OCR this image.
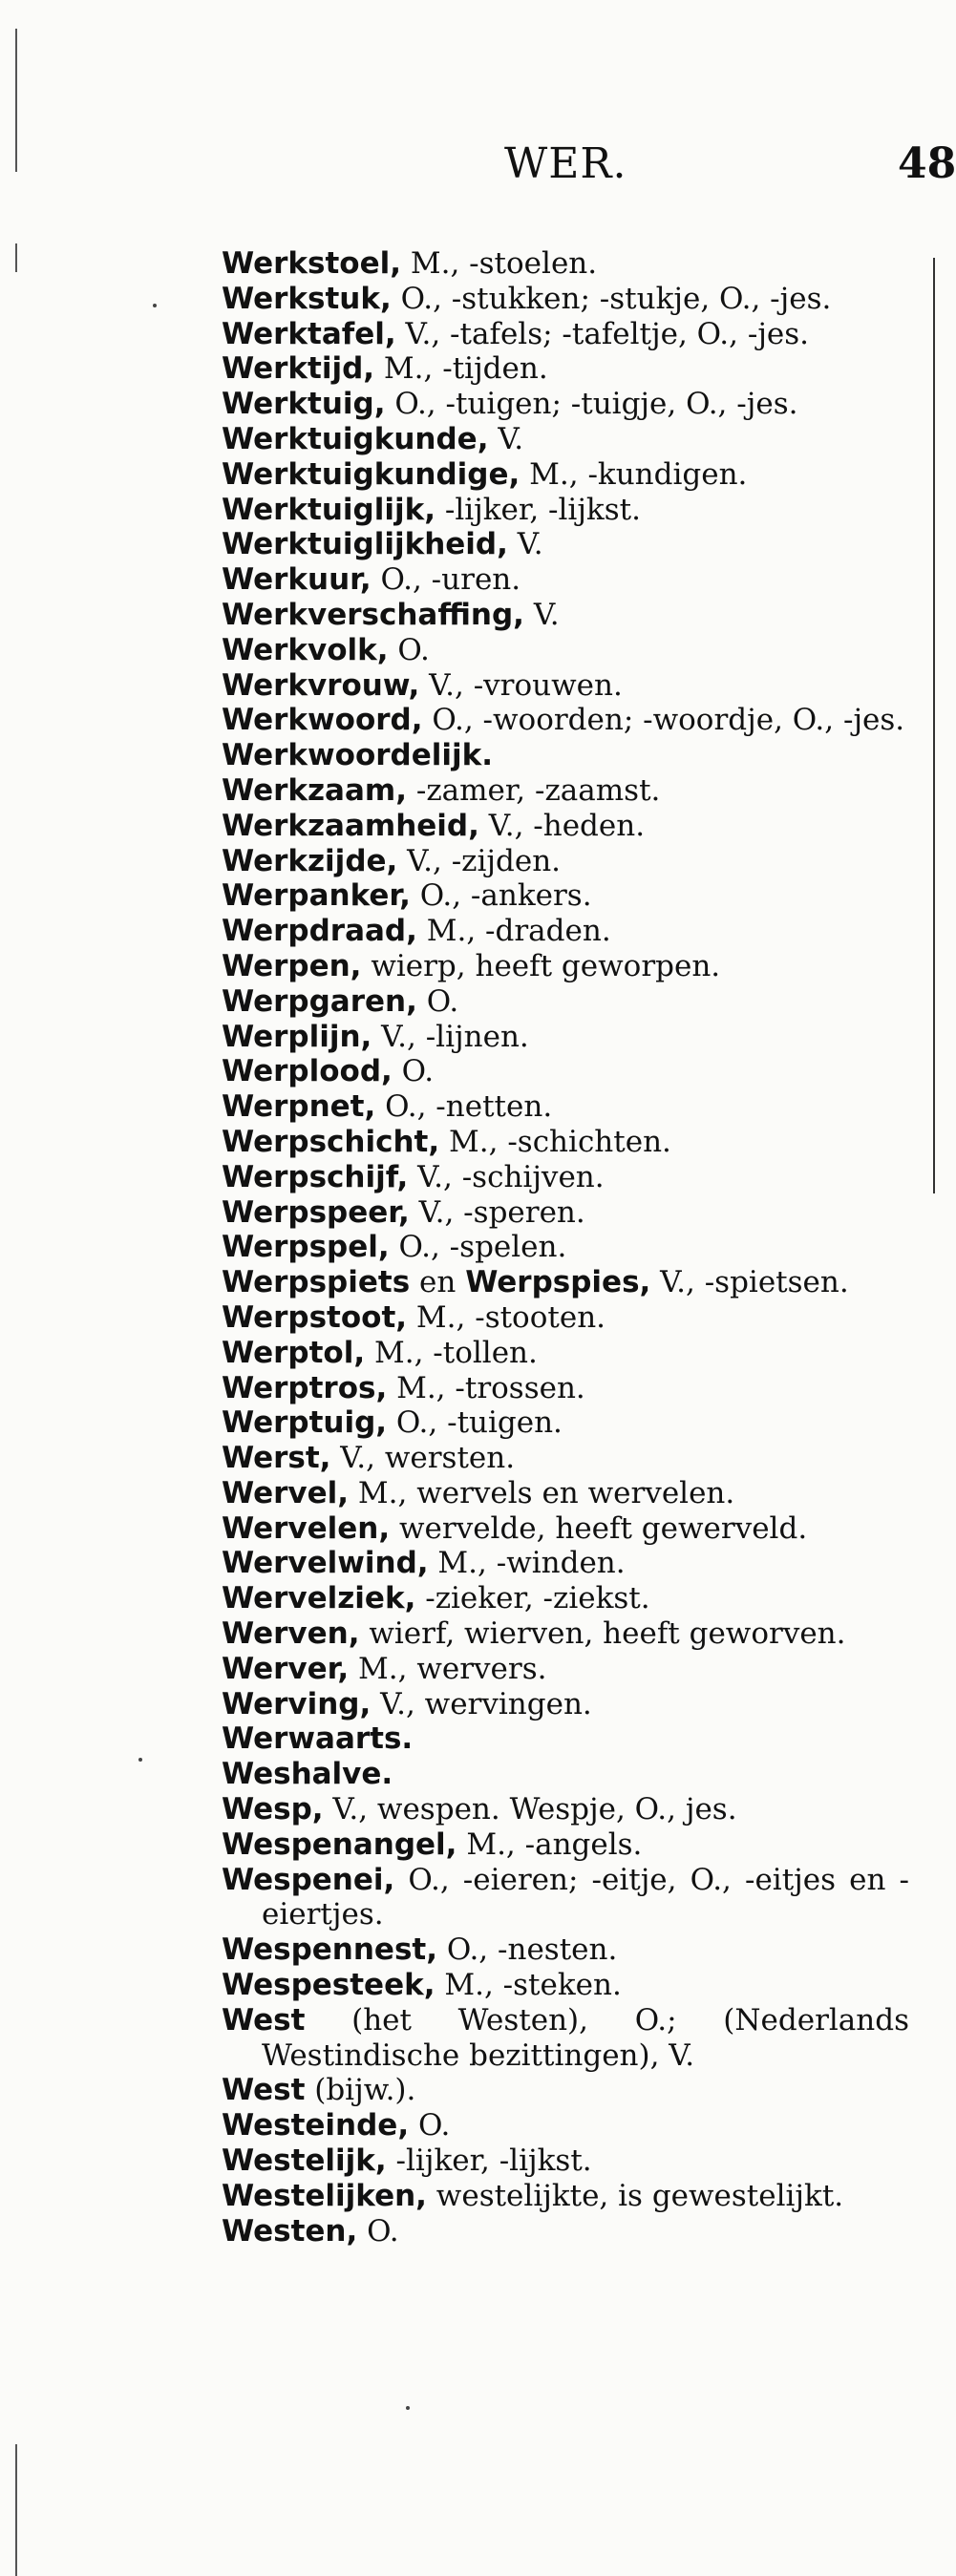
WER.	48
Werkstoel, M., -stoelen.
Werkstuk, O., -stukken; -stukje, O., -jes.
Werktafel, V., -tafels; -tafeltje, O., -jes.
Werktijd, M., -tijden.
Werktuig, O., -tuigen; -tuigje, O., -jes.
Werktuigkunde, V.
Werktuigkundige, M., -kundigen.
Werktuiglijk, -lijker, -lijkst.
Werktuiglijkheid, V.
Werkuur, O., -uren.
Werkverschaffing, V.
Werkvolk, O.
Werkvrouw, V., -vrouwen.
Werkwoord, O., -woorden; -woordje, O., -jes.
Werkwoordelijk.
Werkzaam, -zamer, -zaamst.
Werkzaamheid, V., -heden.
Werkzijde, V., -zijden.
Werpanker, O., -ankers.
Werpdraad, M., -draden.
Werpen, wierp, heeft geworpen.
Werpgaren, O.
Werplijn, V., -lijnen.
Werplood, O.
Werpnet, O., -netten.
Werpschicht, M., -schichten.
Werpschijf, V., -schijven.
Werpspeer, V., -speren.
Werpspel, O., -spelen.
Werpspiets en Werpspies, V., -spietsen.
Werpstoot, M., -stooten.
Werptol, M., -tollen.
Werptros, M., -trossen.
Werptuig, O., -tuigen.
Werst, V., wersten.
Wervel, M., wervels en wervelen.
Wervelen, wervelde, heeft gewerveld.
Wervelwind, M., -winden.
Wervelziek, -zieker, -ziekst.
Werven, wierf, wierven, heeft geworven.
Werver, M., wervers.
Werving, V., wervingen.
Werwaarts.
Weshalve.
Wesp, V., wespen. Wespje, O., jes.
Wespenangel, M., -angels.
Wespenei, O., -eieren; -eitje, O., -eitjes en -eiertjes.
Wespennest, O., -nesten.
Wespesteek, M., -steken.
West (het Westen), O.; (Nederlands Westindische bezittingen), V.
West (bijw.).
Westeinde, O.
Westelijk, -lijker, -lijkst.
Westelijken, westelijkte, is gewestelijkt.
Westen, O.
